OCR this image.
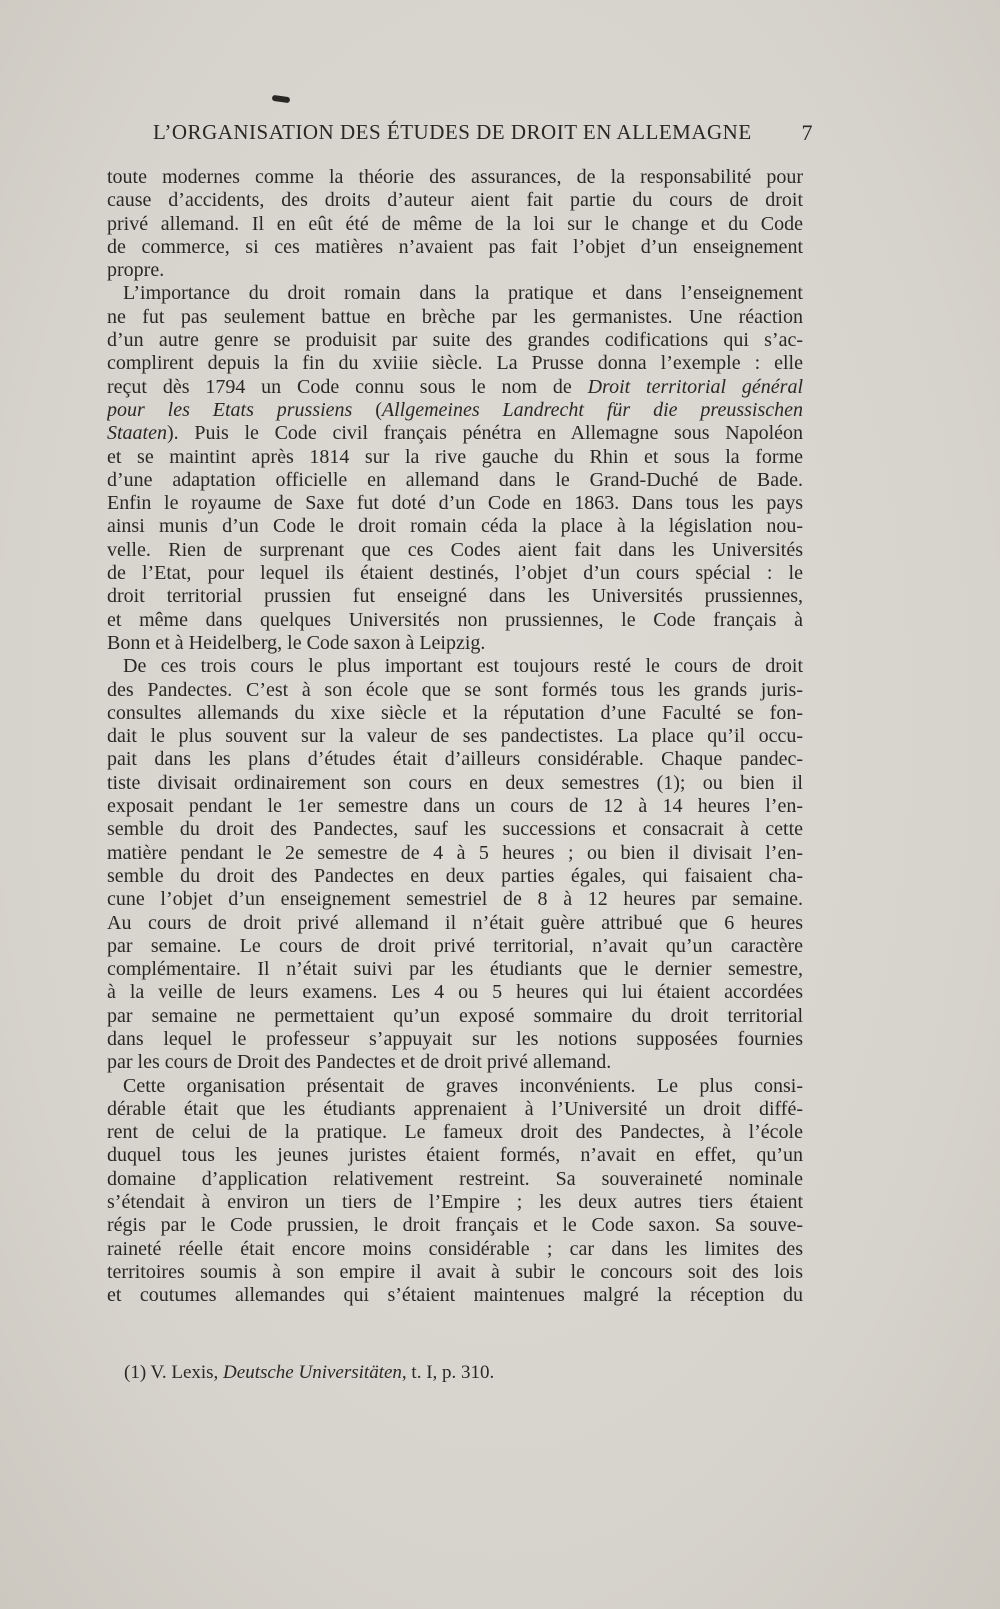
L’ORGANISATION DES ÉTUDES DE DROIT EN ALLEMAGNE 7
toute modernes comme la théorie des assurances, de la responsabilité pour
cause d’accidents, des droits d’auteur aient fait partie du cours de droit
privé allemand. Il en eût été de même de la loi sur le change et du Code
de commerce, si ces matières n’avaient pas fait l’objet d’un enseignement
propre.
L’importance du droit romain dans la pratique et dans l’enseignement
ne fut pas seulement battue en brèche par les germanistes. Une réaction
d’un autre genre se produisit par suite des grandes codifications qui s’ac-
complirent depuis la fin du xviiie siècle. La Prusse donna l’exemple : elle
reçut dès 1794 un Code connu sous le nom de Droit territorial général
pour les Etats prussiens (Allgemeines Landrecht für die preussischen
Staaten). Puis le Code civil français pénétra en Allemagne sous Napoléon
et se maintint après 1814 sur la rive gauche du Rhin et sous la forme
d’une adaptation officielle en allemand dans le Grand-Duché de Bade.
Enfin le royaume de Saxe fut doté d’un Code en 1863. Dans tous les pays
ainsi munis d’un Code le droit romain céda la place à la législation nou-
velle. Rien de surprenant que ces Codes aient fait dans les Universités
de l’Etat, pour lequel ils étaient destinés, l’objet d’un cours spécial : le
droit territorial prussien fut enseigné dans les Universités prussiennes,
et même dans quelques Universités non prussiennes, le Code français à
Bonn et à Heidelberg, le Code saxon à Leipzig.
De ces trois cours le plus important est toujours resté le cours de droit
des Pandectes. C’est à son école que se sont formés tous les grands juris-
consultes allemands du xixe siècle et la réputation d’une Faculté se fon-
dait le plus souvent sur la valeur de ses pandectistes. La place qu’il occu-
pait dans les plans d’études était d’ailleurs considérable. Chaque pandec-
tiste divisait ordinairement son cours en deux semestres (1); ou bien il
exposait pendant le 1er semestre dans un cours de 12 à 14 heures l’en-
semble du droit des Pandectes, sauf les successions et consacrait à cette
matière pendant le 2e semestre de 4 à 5 heures ; ou bien il divisait l’en-
semble du droit des Pandectes en deux parties égales, qui faisaient cha-
cune l’objet d’un enseignement semestriel de 8 à 12 heures par semaine.
Au cours de droit privé allemand il n’était guère attribué que 6 heures
par semaine. Le cours de droit privé territorial, n’avait qu’un caractère
complémentaire. Il n’était suivi par les étudiants que le dernier semestre,
à la veille de leurs examens. Les 4 ou 5 heures qui lui étaient accordées
par semaine ne permettaient qu’un exposé sommaire du droit territorial
dans lequel le professeur s’appuyait sur les notions supposées fournies
par les cours de Droit des Pandectes et de droit privé allemand.
Cette organisation présentait de graves inconvénients. Le plus consi-
dérable était que les étudiants apprenaient à l’Université un droit diffé-
rent de celui de la pratique. Le fameux droit des Pandectes, à l’école
duquel tous les jeunes juristes étaient formés, n’avait en effet, qu’un
domaine d’application relativement restreint. Sa souveraineté nominale
s’étendait à environ un tiers de l’Empire ; les deux autres tiers étaient
régis par le Code prussien, le droit français et le Code saxon. Sa souve-
raineté réelle était encore moins considérable ; car dans les limites des
territoires soumis à son empire il avait à subir le concours soit des lois
et coutumes allemandes qui s’étaient maintenues malgré la réception du
(1) V. Lexis, Deutsche Universitäten, t. I, p. 310.
